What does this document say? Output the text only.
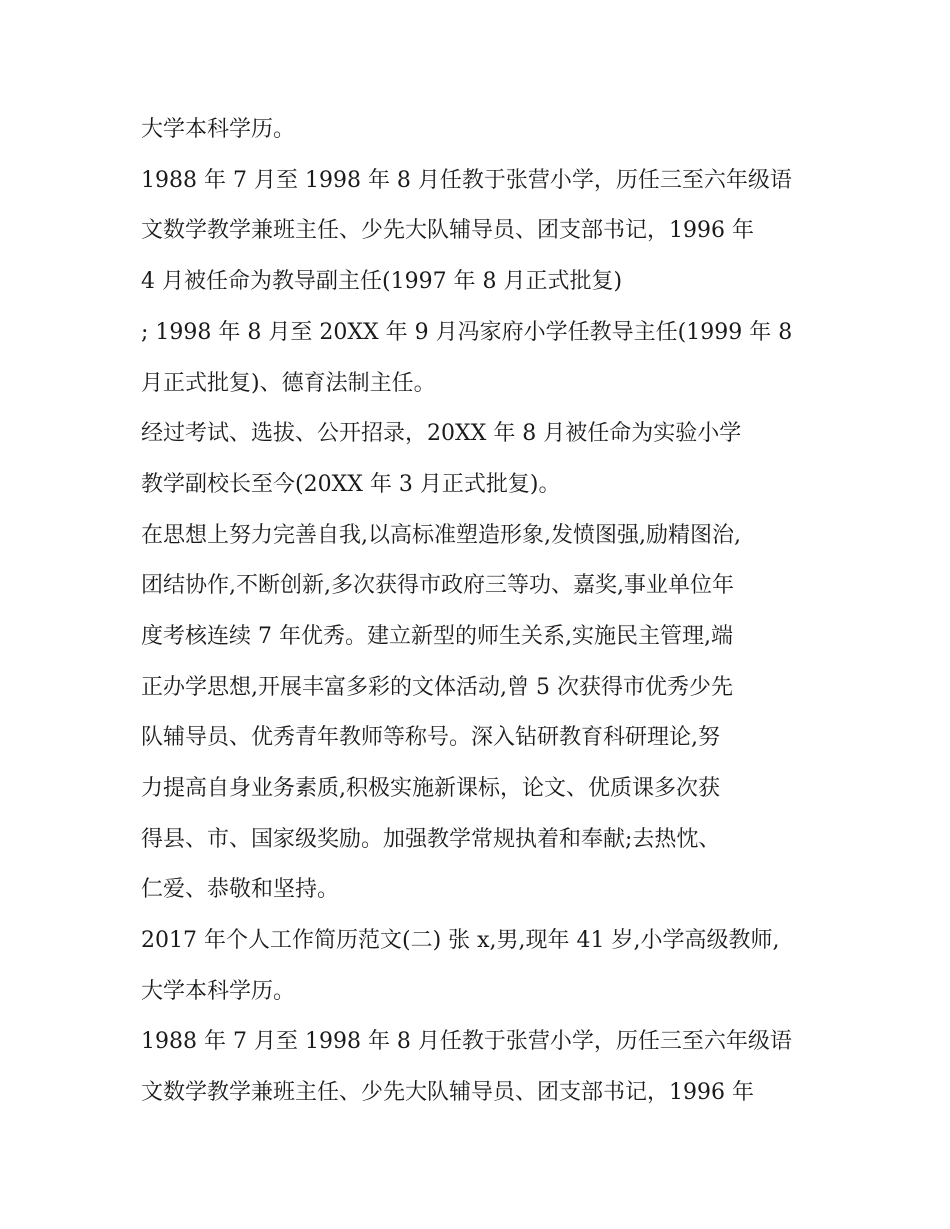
大学本科学历。

1988 年 7 月至 1998 年 8 月任教于张营小学，历任三至六年级语

文数学教学兼班主任、少先大队辅导员、团支部书记，1996 年

4 月被任命为教导副主任(1997 年 8 月正式批复)

; 1998 年 8 月至 20XX 年 9 月冯家府小学任教导主任(1999 年 8

月正式批复)、德育法制主任。

经过考试、选拔、公开招录，20XX 年 8 月被任命为实验小学

教学副校长至今(20XX 年 3 月正式批复)。

在思想上努力完善自我,以高标准塑造形象,发愤图强,励精图治,

团结协作,不断创新,多次获得市政府三等功、嘉奖,事业单位年

度考核连续 7 年优秀。建立新型的师生关系,实施民主管理,端

正办学思想,开展丰富多彩的文体活动,曾 5 次获得市优秀少先

队辅导员、优秀青年教师等称号。深入钻研教育科研理论,努

力提高自身业务素质,积极实施新课标，论文、优质课多次获

得县、市、国家级奖励。加强教学常规执着和奉献;去热忱、

仁爱、恭敬和坚持。

2017 年个人工作简历范文(二) 张 x,男,现年 41 岁,小学高级教师,

大学本科学历。

1988 年 7 月至 1998 年 8 月任教于张营小学，历任三至六年级语

文数学教学兼班主任、少先大队辅导员、团支部书记，1996 年
